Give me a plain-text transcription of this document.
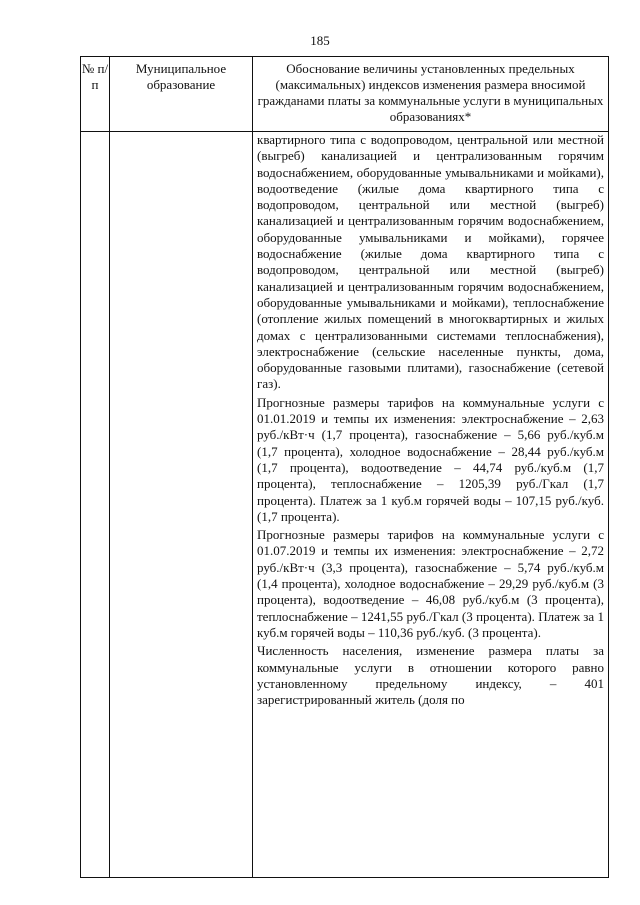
185
№ п/п	Муниципальное образование	Обоснование величины установленных предельных (максимальных) индексов изменения размера вносимой гражданами платы за коммунальные услуги в муниципальных образованиях*

		квартирного типа с водопроводом, центральной или местной (выгреб) канализацией и централизованным горячим водоснабжением, оборудованные умывальниками и мойками), водоотведение (жилые дома квартирного типа с водопроводом, центральной или местной (выгреб) канализацией и централизованным горячим водоснабжением, оборудованные умывальниками и мойками), горячее водоснабжение (жилые дома квартирного типа с водопроводом, центральной или местной (выгреб) канализацией и централизованным горячим водоснабжением, оборудованные умывальниками и мойками), теплоснабжение (отопление жилых помещений в многоквартирных и жилых домах с централизованными системами теплоснабжения), электроснабжение (сельские населенные пункты, дома, оборудованные газовыми плитами), газоснабжение (сетевой газ).

Прогнозные размеры тарифов на коммунальные услуги с 01.01.2019 и темпы их изменения: электроснабжение – 2,63 руб./кВт·ч (1,7 процента), газоснабжение – 5,66 руб./куб.м (1,7 процента), холодное водоснабжение – 28,44 руб./куб.м (1,7 процента), водоотведение – 44,74 руб./куб.м (1,7 процента), теплоснабжение – 1205,39 руб./Гкал (1,7 процента). Платеж за 1 куб.м горячей воды – 107,15 руб./куб. (1,7 процента).

Прогнозные размеры тарифов на коммунальные услуги с 01.07.2019 и темпы их изменения: электроснабжение – 2,72 руб./кВт·ч (3,3 процента), газоснабжение – 5,74 руб./куб.м (1,4 процента), холодное водоснабжение – 29,29 руб./куб.м (3 процента), водоотведение – 46,08 руб./куб.м (3 процента), теплоснабжение – 1241,55 руб./Гкал (3 процента). Платеж за 1 куб.м горячей воды – 110,36 руб./куб. (3 процента).

Численность населения, изменение размера платы за коммунальные услуги в отношении которого равно установленному предельному индексу, – 401 зарегистрированный житель (доля по
